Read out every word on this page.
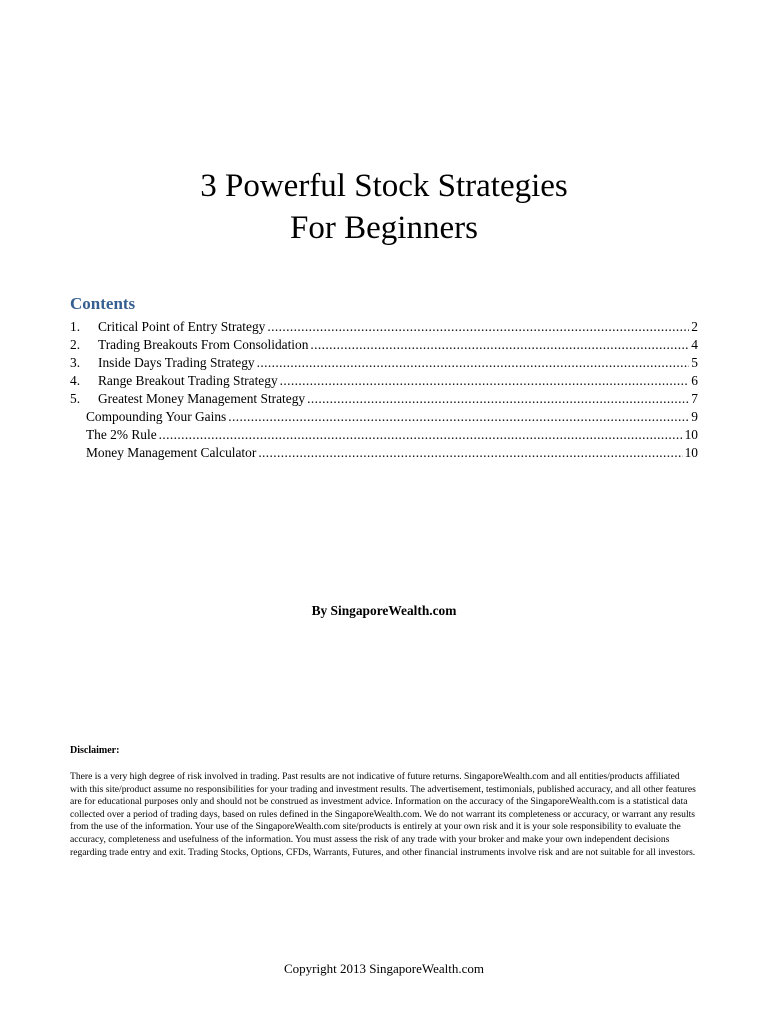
3 Powerful Stock Strategies
For Beginners
Contents
1.	Critical Point of Entry Strategy .....	2
2.	Trading Breakouts From Consolidation .....	4
3.	Inside Days Trading Strategy .....	5
4.	Range Breakout Trading Strategy .....	6
5.	Greatest Money Management Strategy .....	7
Compounding Your Gains .....	9
The 2% Rule .....	10
Money Management Calculator .....	10

By SingaporeWealth.com

Disclaimer:

There is a very high degree of risk involved in trading. Past results are not indicative of future returns. SingaporeWealth.com and all entities/products affiliated with this site/product assume no responsibilities for your trading and investment results. The advertisement, testimonials, published accuracy, and all other features are for educational purposes only and should not be construed as investment advice. Information on the accuracy of the SingaporeWealth.com is a statistical data collected over a period of trading days, based on rules defined in the SingaporeWealth.com. We do not warrant its completeness or accuracy, or warrant any results from the use of the information. Your use of the SingaporeWealth.com site/products is entirely at your own risk and it is your sole responsibility to evaluate the accuracy, completeness and usefulness of the information. You must assess the risk of any trade with your broker and make your own independent decisions regarding trade entry and exit. Trading Stocks, Options, CFDs, Warrants, Futures, and other financial instruments involve risk and are not suitable for all investors.

Copyright 2013 SingaporeWealth.com
